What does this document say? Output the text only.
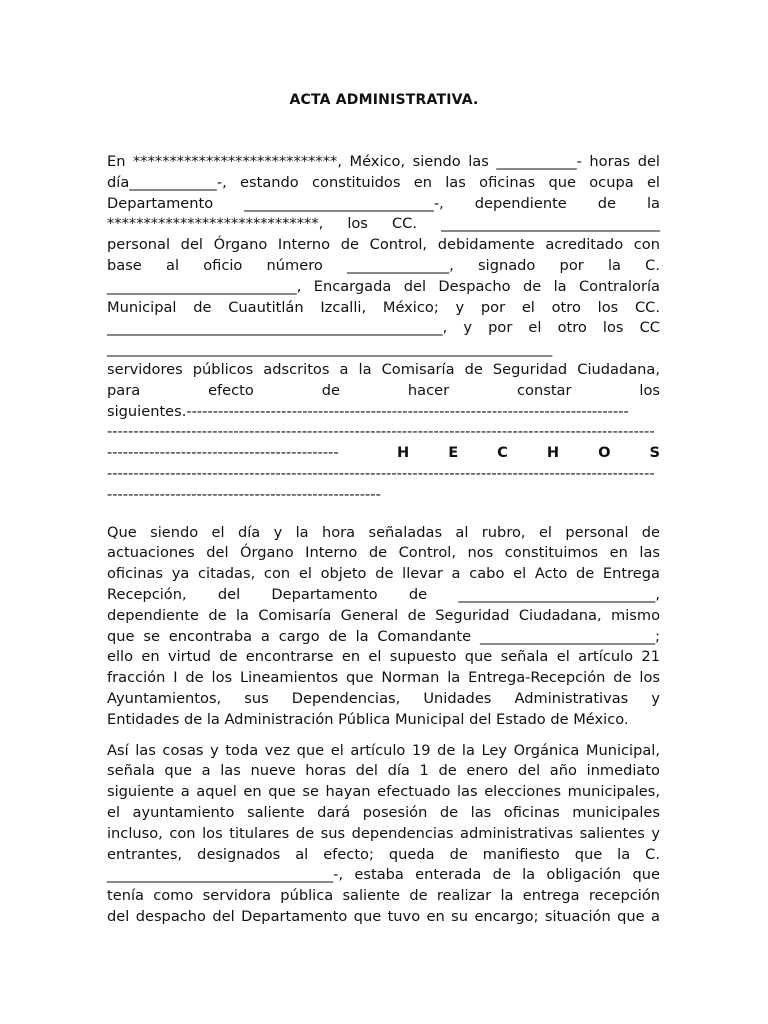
ACTA ADMINISTRATIVA.
En ****************************, México, siendo las ___________- horas del
día____________-, estando constituidos en las oficinas que ocupa el
Departamento __________________________-, dependiente de la
*****************************, los CC. ______________________________
personal del Órgano Interno de Control, debidamente acreditado con
base al oficio número ______________, signado por la C.
__________________________, Encargada del Despacho de la Contraloría
Municipal de Cuautitlán Izcalli, México; y por el otro los CC.
______________________________________________, y por el otro los CC
_____________________________________________________________
servidores públicos adscritos a la Comisaría de Seguridad Ciudadana,
para efecto de hacer constar los
siguientes.------------------------------------------------------------------------------------
--------------------------------------------------------------------------------------------------------
--------------------------------------------	H	E	C	H	O	S
--------------------------------------------------------------------------------------------------------
----------------------------------------------------
Que siendo el día y la hora señaladas al rubro, el personal de
actuaciones del Órgano Interno de Control, nos constituimos en las
oficinas ya citadas, con el objeto de llevar a cabo el Acto de Entrega
Recepción, del Departamento de ___________________________,
dependiente de la Comisaría General de Seguridad Ciudadana, mismo
que se encontraba a cargo de la Comandante ________________________;
ello en virtud de encontrarse en el supuesto que señala el artículo 21
fracción I de los Lineamientos que Norman la Entrega-Recepción de los
Ayuntamientos, sus Dependencias, Unidades Administrativas y
Entidades de la Administración Pública Municipal del Estado de México.
Así las cosas y toda vez que el artículo 19 de la Ley Orgánica Municipal,
señala que a las nueve horas del día 1 de enero del año inmediato
siguiente a aquel en que se hayan efectuado las elecciones municipales,
el ayuntamiento saliente dará posesión de las oficinas municipales
incluso, con los titulares de sus dependencias administrativas salientes y
entrantes, designados al efecto; queda de manifiesto que la C.
_______________________________-, estaba enterada de la obligación que
tenía como servidora pública saliente de realizar la entrega recepción
del despacho del Departamento que tuvo en su encargo; situación que a
